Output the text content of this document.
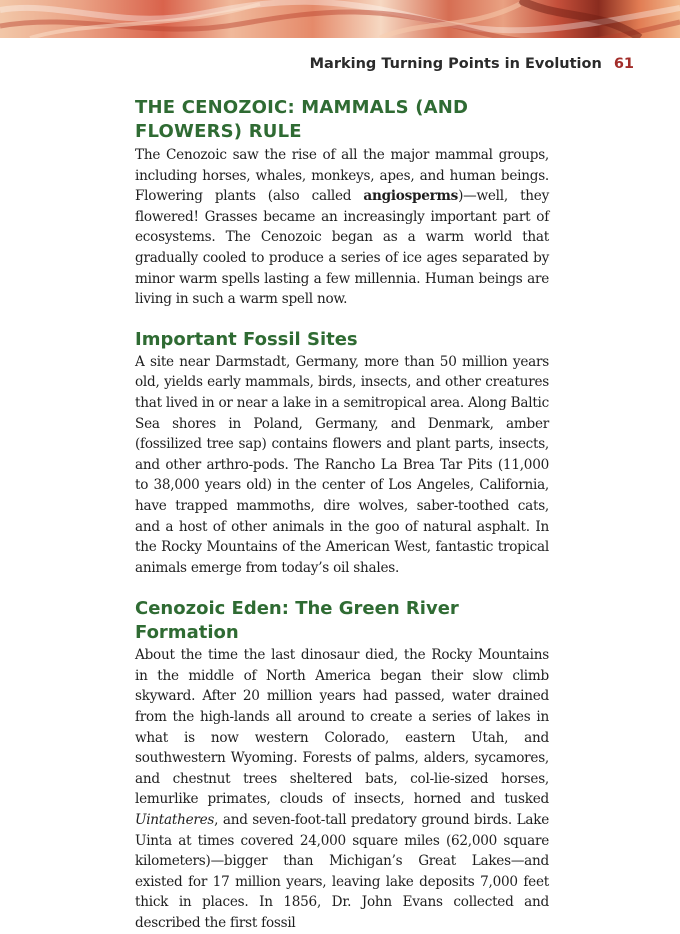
Marking Turning Points in Evolution 61
THE CENOZOIC: MAMMALS (AND FLOWERS) RULE

The Cenozoic saw the rise of all the major mammal groups, including horses, whales, monkeys, apes, and human beings. Flowering plants (also called angiosperms)—well, they flowered! Grasses became an increasingly important part of ecosystems. The Cenozoic began as a warm world that gradually cooled to produce a series of ice ages separated by minor warm spells lasting a few millennia. Human beings are living in such a warm spell now.

Important Fossil Sites

A site near Darmstadt, Germany, more than 50 million years old, yields early mammals, birds, insects, and other creatures that lived in or near a lake in a semitropical area. Along Baltic Sea shores in Poland, Germany, and Denmark, amber (fossilized tree sap) contains flowers and plant parts, insects, and other arthro-pods. The Rancho La Brea Tar Pits (11,000 to 38,000 years old) in the center of Los Angeles, California, have trapped mammoths, dire wolves, saber-toothed cats, and a host of other animals in the goo of natural asphalt. In the Rocky Mountains of the American West, fantastic tropical animals emerge from today’s oil shales.

Cenozoic Eden: The Green River Formation

About the time the last dinosaur died, the Rocky Mountains in the middle of North America began their slow climb skyward. After 20 million years had passed, water drained from the high-lands all around to create a series of lakes in what is now western Colorado, eastern Utah, and southwestern Wyoming. Forests of palms, alders, sycamores, and chestnut trees sheltered bats, col-lie-sized horses, lemurlike primates, clouds of insects, horned and tusked Uintatheres, and seven-foot-tall predatory ground birds. Lake Uinta at times covered 24,000 square miles (62,000 square kilometers)—bigger than Michigan’s Great Lakes—and existed for 17 million years, leaving lake deposits 7,000 feet thick in places. In 1856, Dr. John Evans collected and described the first fossil
